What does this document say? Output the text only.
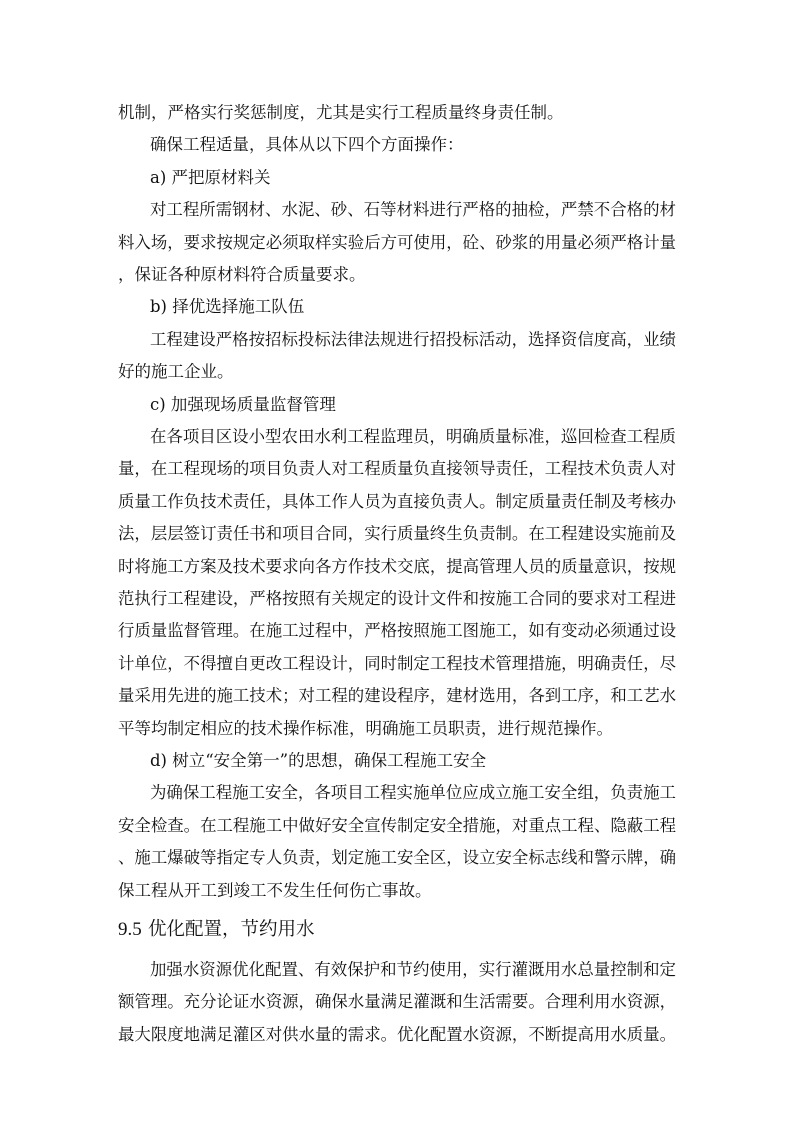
机制，严格实行奖惩制度，尤其是实行工程质量终身责任制。
确保工程适量，具体从以下四个方面操作：
a) 严把原材料关
对工程所需钢材、水泥、砂、石等材料进行严格的抽检，严禁不合格的材
料入场，要求按规定必须取样实验后方可使用，砼、砂浆的用量必须严格计量
，保证各种原材料符合质量要求。
b) 择优选择施工队伍
工程建设严格按招标投标法律法规进行招投标活动，选择资信度高，业绩
好的施工企业。
c) 加强现场质量监督管理
在各项目区设小型农田水利工程监理员，明确质量标准，巡回检查工程质
量，在工程现场的项目负责人对工程质量负直接领导责任，工程技术负责人对
质量工作负技术责任，具体工作人员为直接负责人。制定质量责任制及考核办
法，层层签订责任书和项目合同，实行质量终生负责制。在工程建设实施前及
时将施工方案及技术要求向各方作技术交底，提高管理人员的质量意识，按规
范执行工程建设，严格按照有关规定的设计文件和按施工合同的要求对工程进
行质量监督管理。在施工过程中，严格按照施工图施工，如有变动必须通过设
计单位，不得擅自更改工程设计，同时制定工程技术管理措施，明确责任，尽
量采用先进的施工技术；对工程的建设程序，建材选用，各到工序，和工艺水
平等均制定相应的技术操作标准，明确施工员职责，进行规范操作。
d) 树立“安全第一”的思想，确保工程施工安全
为确保工程施工安全，各项目工程实施单位应成立施工安全组，负责施工
安全检查。在工程施工中做好安全宣传制定安全措施，对重点工程、隐蔽工程
、施工爆破等指定专人负责，划定施工安全区，设立安全标志线和警示牌，确
保工程从开工到竣工不发生任何伤亡事故。
9.5 优化配置，节约用水
加强水资源优化配置、有效保护和节约使用，实行灌溉用水总量控制和定
额管理。充分论证水资源，确保水量满足灌溉和生活需要。合理利用水资源，
最大限度地满足灌区对供水量的需求。优化配置水资源，不断提高用水质量。
